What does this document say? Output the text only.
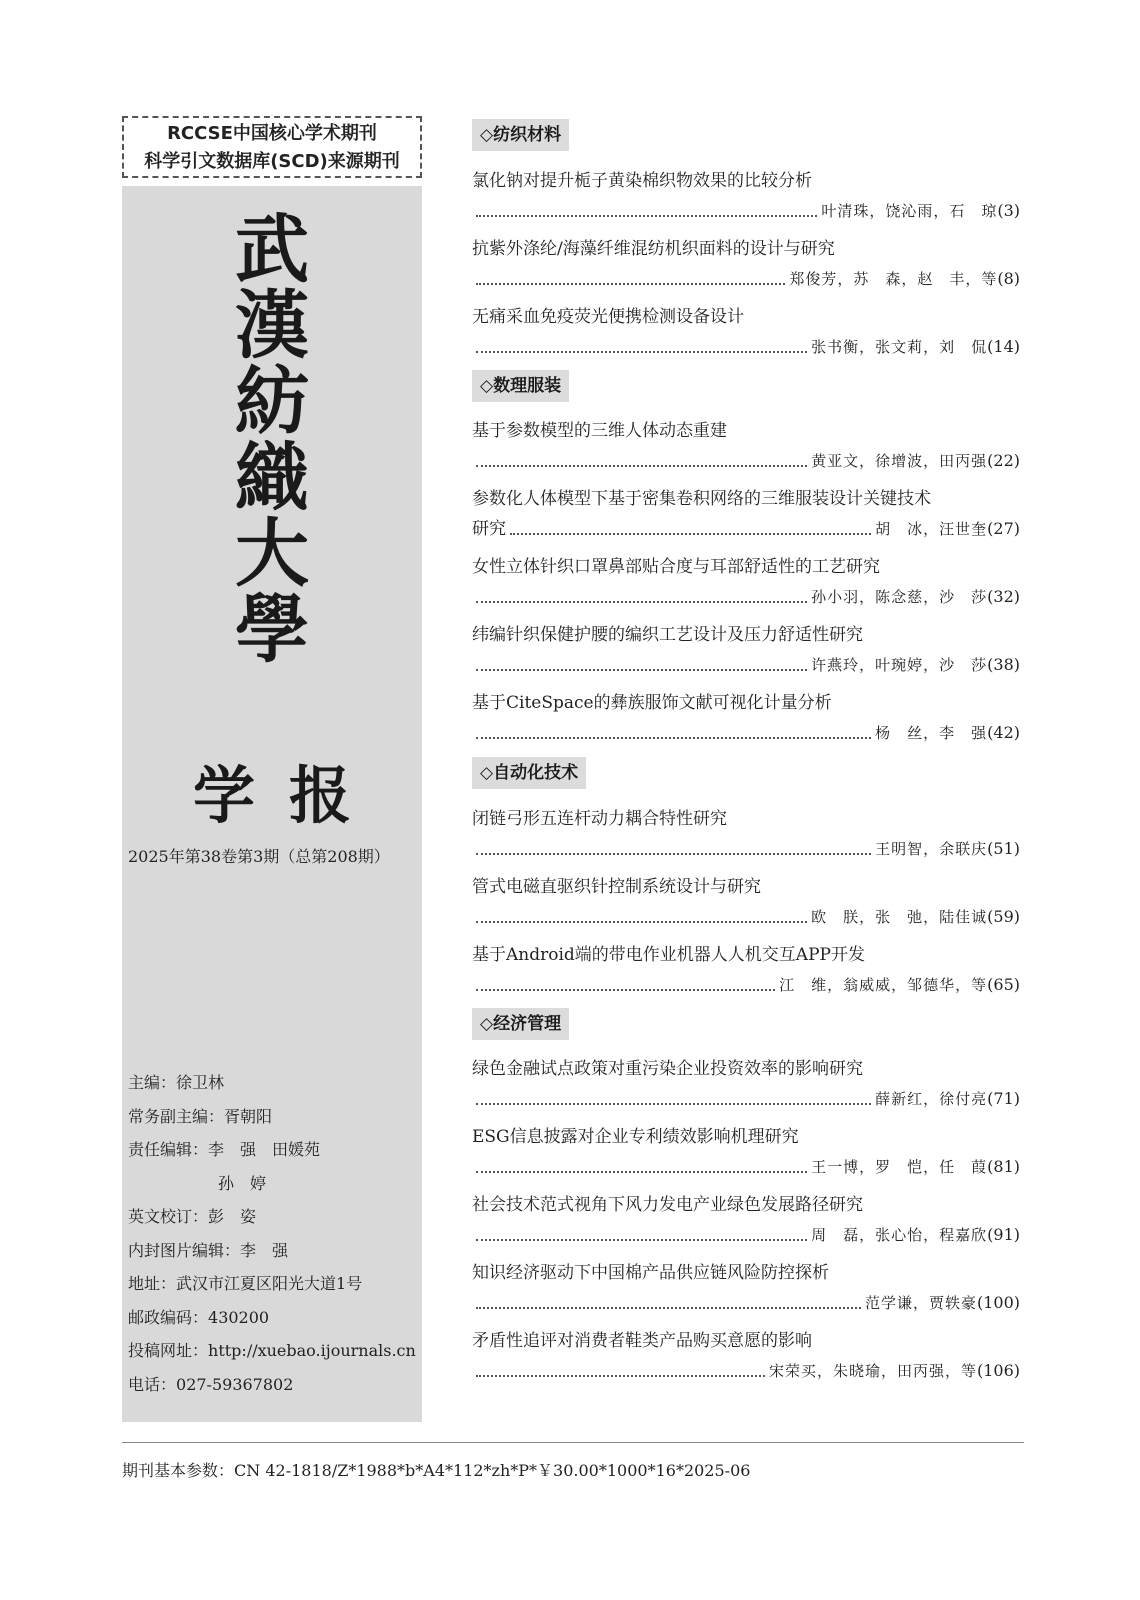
RCCSE中国核心学术期刊
科学引文数据库(SCD)来源期刊
武
漢
紡
織
大
學
学报
2025年第38卷第3期（总第208期）
主编：徐卫林
常务副主编：胥朝阳
责任编辑：李　强　田媛苑
孙　婷
英文校订：彭　姿
内封图片编辑：李　强
地址：武汉市江夏区阳光大道1号
邮政编码：430200
投稿网址：http://xuebao.ijournals.cn
电话：027-59367802
◇纺织材料
氯化钠对提升栀子黄染棉织物效果的比较分析
叶清珠，饶沁雨，石　琼 (3)
抗紫外涤纶/海藻纤维混纺机织面料的设计与研究
郑俊芳，苏　森，赵　丰，等 (8)
无痛采血免疫荧光便携检测设备设计
张书衡，张文莉，刘　侃 (14)
◇数理服装
基于参数模型的三维人体动态重建
黄亚文，徐增波，田丙强 (22)
参数化人体模型下基于密集卷积网络的三维服装设计关键技术
研究	胡　冰，汪世奎 (27)
女性立体针织口罩鼻部贴合度与耳部舒适性的工艺研究
孙小羽，陈念慈，沙　莎 (32)
纬编针织保健护腰的编织工艺设计及压力舒适性研究
许燕玲，叶琬婷，沙　莎 (38)
基于CiteSpace的彝族服饰文献可视化计量分析
杨　丝，李　强 (42)
◇自动化技术
闭链弓形五连杆动力耦合特性研究
王明智，余联庆 (51)
管式电磁直驱织针控制系统设计与研究
欧　朕，张　弛，陆佳诚 (59)
基于Android端的带电作业机器人人机交互APP开发
江　维，翁威威，邹德华，等 (65)
◇经济管理
绿色金融试点政策对重污染企业投资效率的影响研究
薛新红，徐付亮 (71)
ESG信息披露对企业专利绩效影响机理研究
王一博，罗　恺，任　葭 (81)
社会技术范式视角下风力发电产业绿色发展路径研究
周　磊，张心怡，程嘉欣 (91)
知识经济驱动下中国棉产品供应链风险防控探析
范学谦，贾轶豪 (100)
矛盾性追评对消费者鞋类产品购买意愿的影响
宋荣买，朱晓瑜，田丙强，等 (106)
期刊基本参数：CN 42-1818/Z*1988*b*A4*112*zh*P*￥30.00*1000*16*2025-06
